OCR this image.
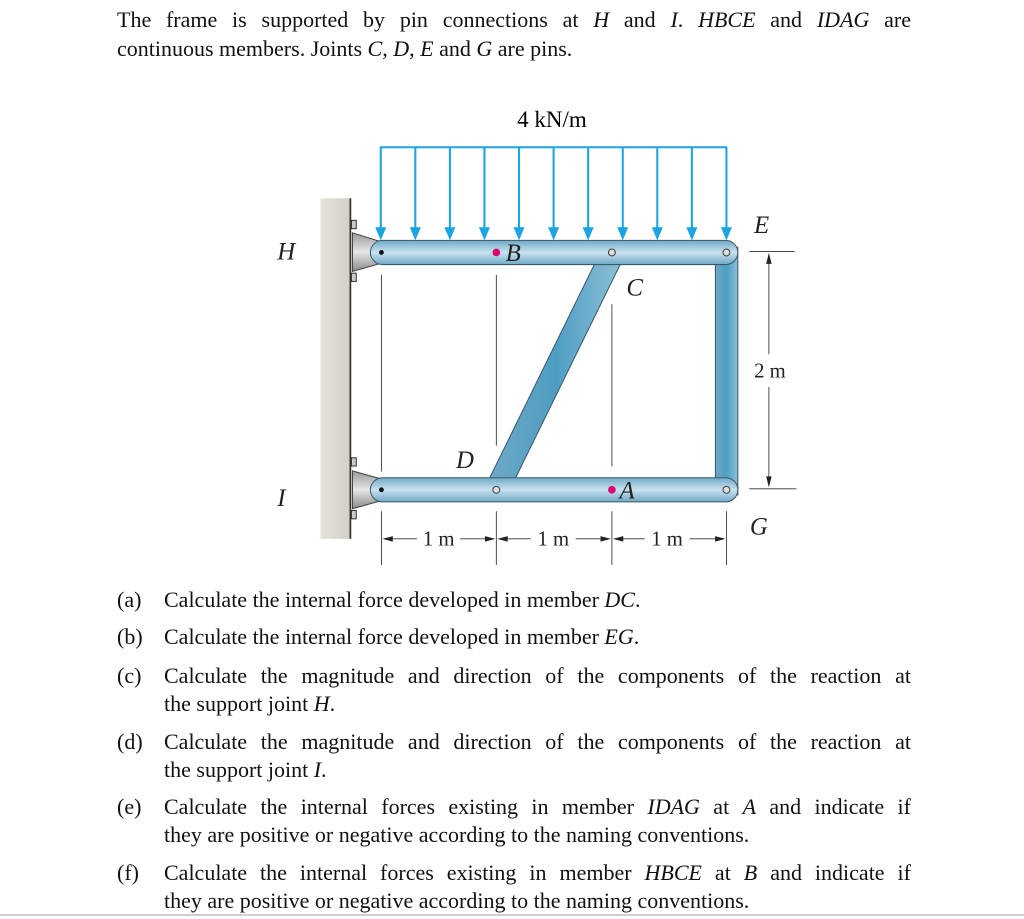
The frame is supported by pin connections at H and I. HBCE and IDAG are
continuous members. Joints C, D, E and G are pins.
4 kN/m
H
I
E
G
C
D
B
A
1 m 1 m 1 m
2 m
(a) Calculate the internal force developed in member DC.
(b) Calculate the internal force developed in member EG.
(c) Calculate the magnitude and direction of the components of the reaction at
the support joint H.
(d) Calculate the magnitude and direction of the components of the reaction at
the support joint I.
(e) Calculate the internal forces existing in member IDAG at A and indicate if
they are positive or negative according to the naming conventions.
(f) Calculate the internal forces existing in member HBCE at B and indicate if
they are positive or negative according to the naming conventions.
